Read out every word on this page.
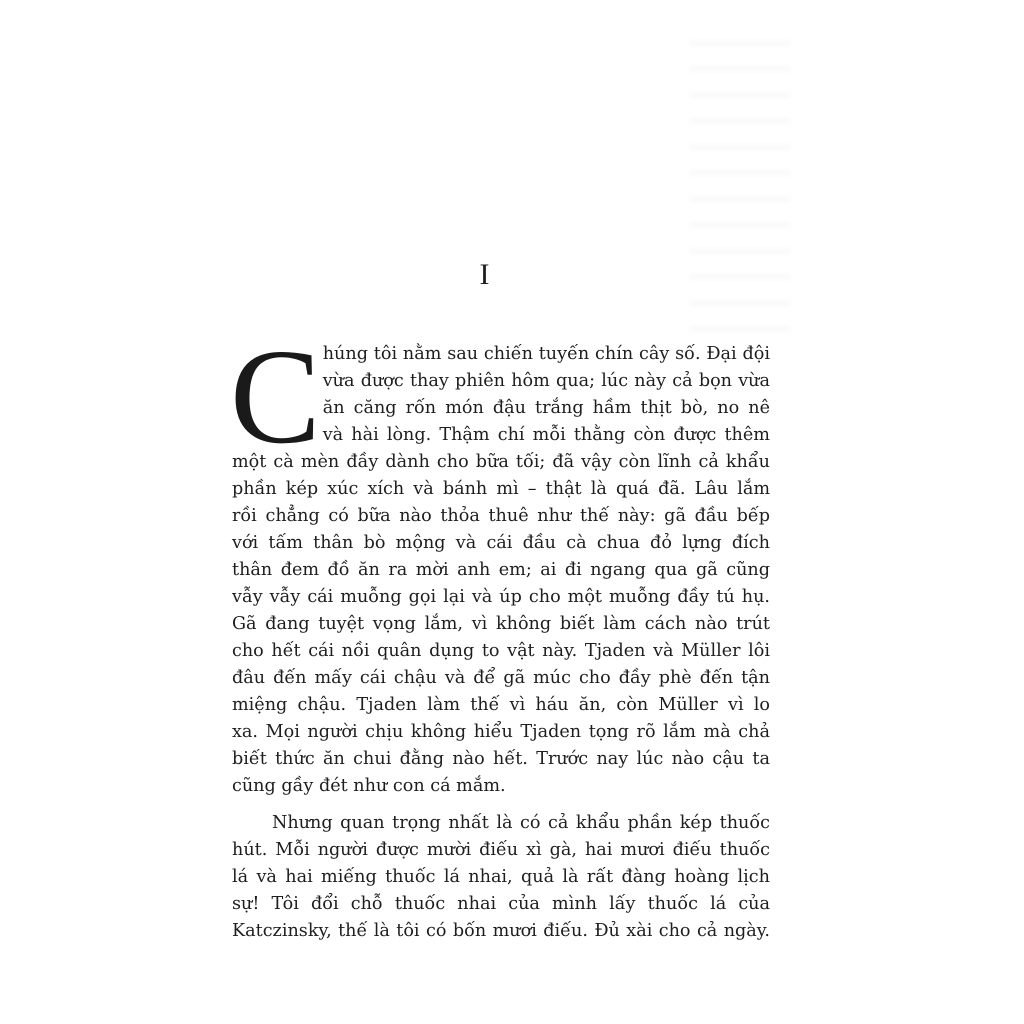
I
C húng tôi nằm sau chiến tuyến chín cây số. Đại đội
vừa được thay phiên hôm qua; lúc này cả bọn vừa
ăn căng rốn món đậu trắng hầm thịt bò, no nê
và hài lòng. Thậm chí mỗi thằng còn được thêm
một cà mèn đầy dành cho bữa tối; đã vậy còn lĩnh cả khẩu
phần kép xúc xích và bánh mì – thật là quá đã. Lâu lắm
rồi chẳng có bữa nào thỏa thuê như thế này: gã đầu bếp
với tấm thân bò mộng và cái đầu cà chua đỏ lựng đích
thân đem đồ ăn ra mời anh em; ai đi ngang qua gã cũng
vẫy vẫy cái muỗng gọi lại và úp cho một muỗng đầy tú hụ.
Gã đang tuyệt vọng lắm, vì không biết làm cách nào trút
cho hết cái nồi quân dụng to vật này. Tjaden và Müller lôi
đâu đến mấy cái chậu và để gã múc cho đầy phè đến tận
miệng chậu. Tjaden làm thế vì háu ăn, còn Müller vì lo
xa. Mọi người chịu không hiểu Tjaden tọng rõ lắm mà chả
biết thức ăn chui đằng nào hết. Trước nay lúc nào cậu ta
cũng gầy đét như con cá mắm.
Nhưng quan trọng nhất là có cả khẩu phần kép thuốc
hút. Mỗi người được mười điếu xì gà, hai mươi điếu thuốc
lá và hai miếng thuốc lá nhai, quả là rất đàng hoàng lịch
sự! Tôi đổi chỗ thuốc nhai của mình lấy thuốc lá của
Katczinsky, thế là tôi có bốn mươi điếu. Đủ xài cho cả ngày.
